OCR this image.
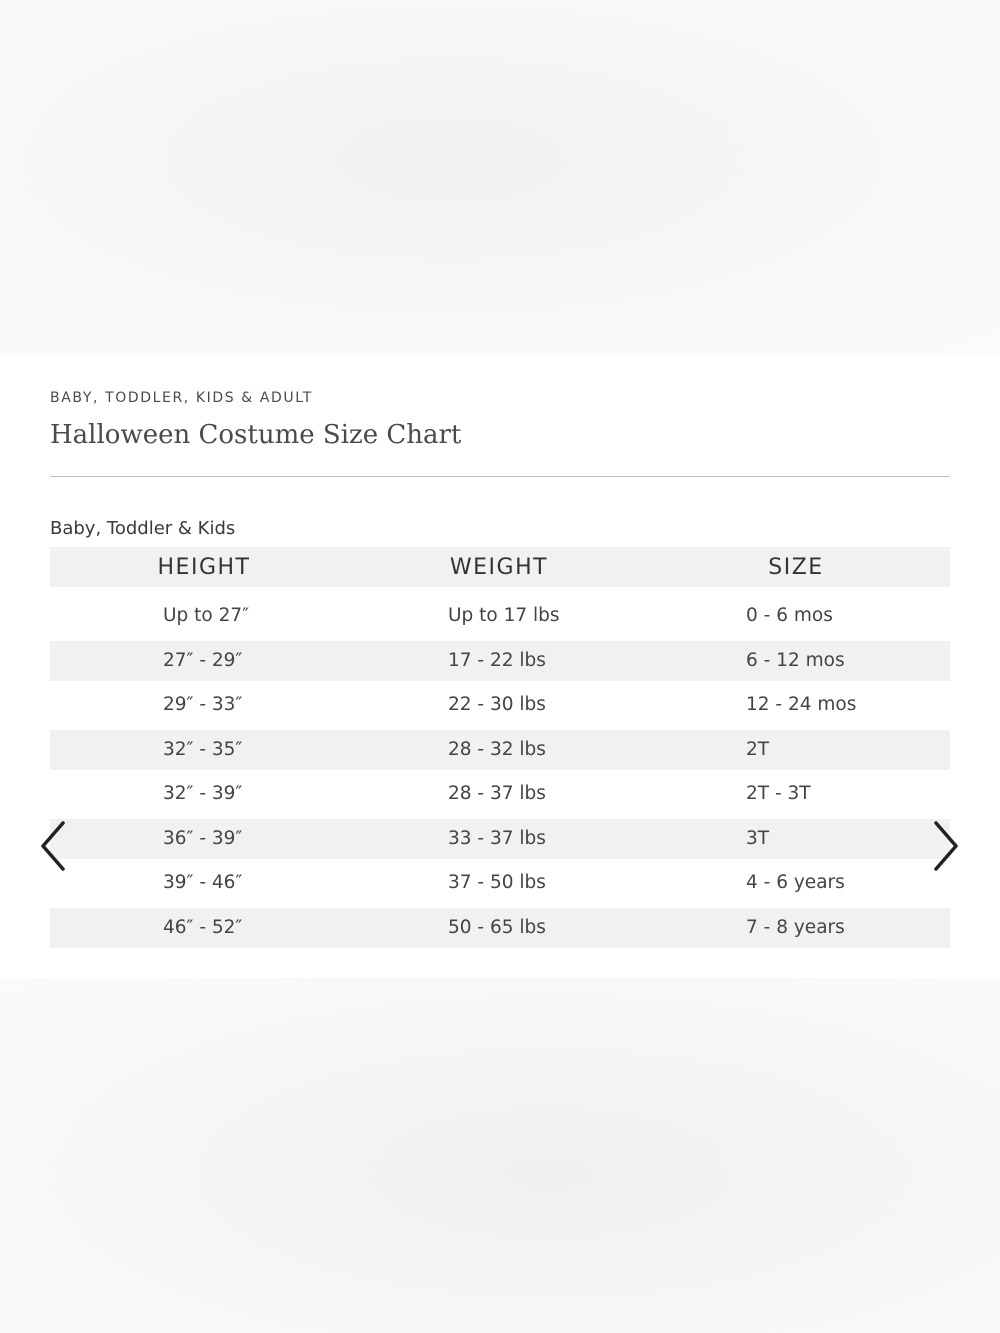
BABY, TODDLER, KIDS & ADULT
Halloween Costume Size Chart
Baby, Toddler & Kids
HEIGHT	WEIGHT	SIZE
Up to 27″	Up to 17 lbs	0 - 6 mos
27″ - 29″	17 - 22 lbs	6 - 12 mos
29″ - 33″	22 - 30 lbs	12 - 24 mos
32″ - 35″	28 - 32 lbs	2T
32″ - 39″	28 - 37 lbs	2T - 3T
36″ - 39″	33 - 37 lbs	3T
39″ - 46″	37 - 50 lbs	4 - 6 years
46″ - 52″	50 - 65 lbs	7 - 8 years
